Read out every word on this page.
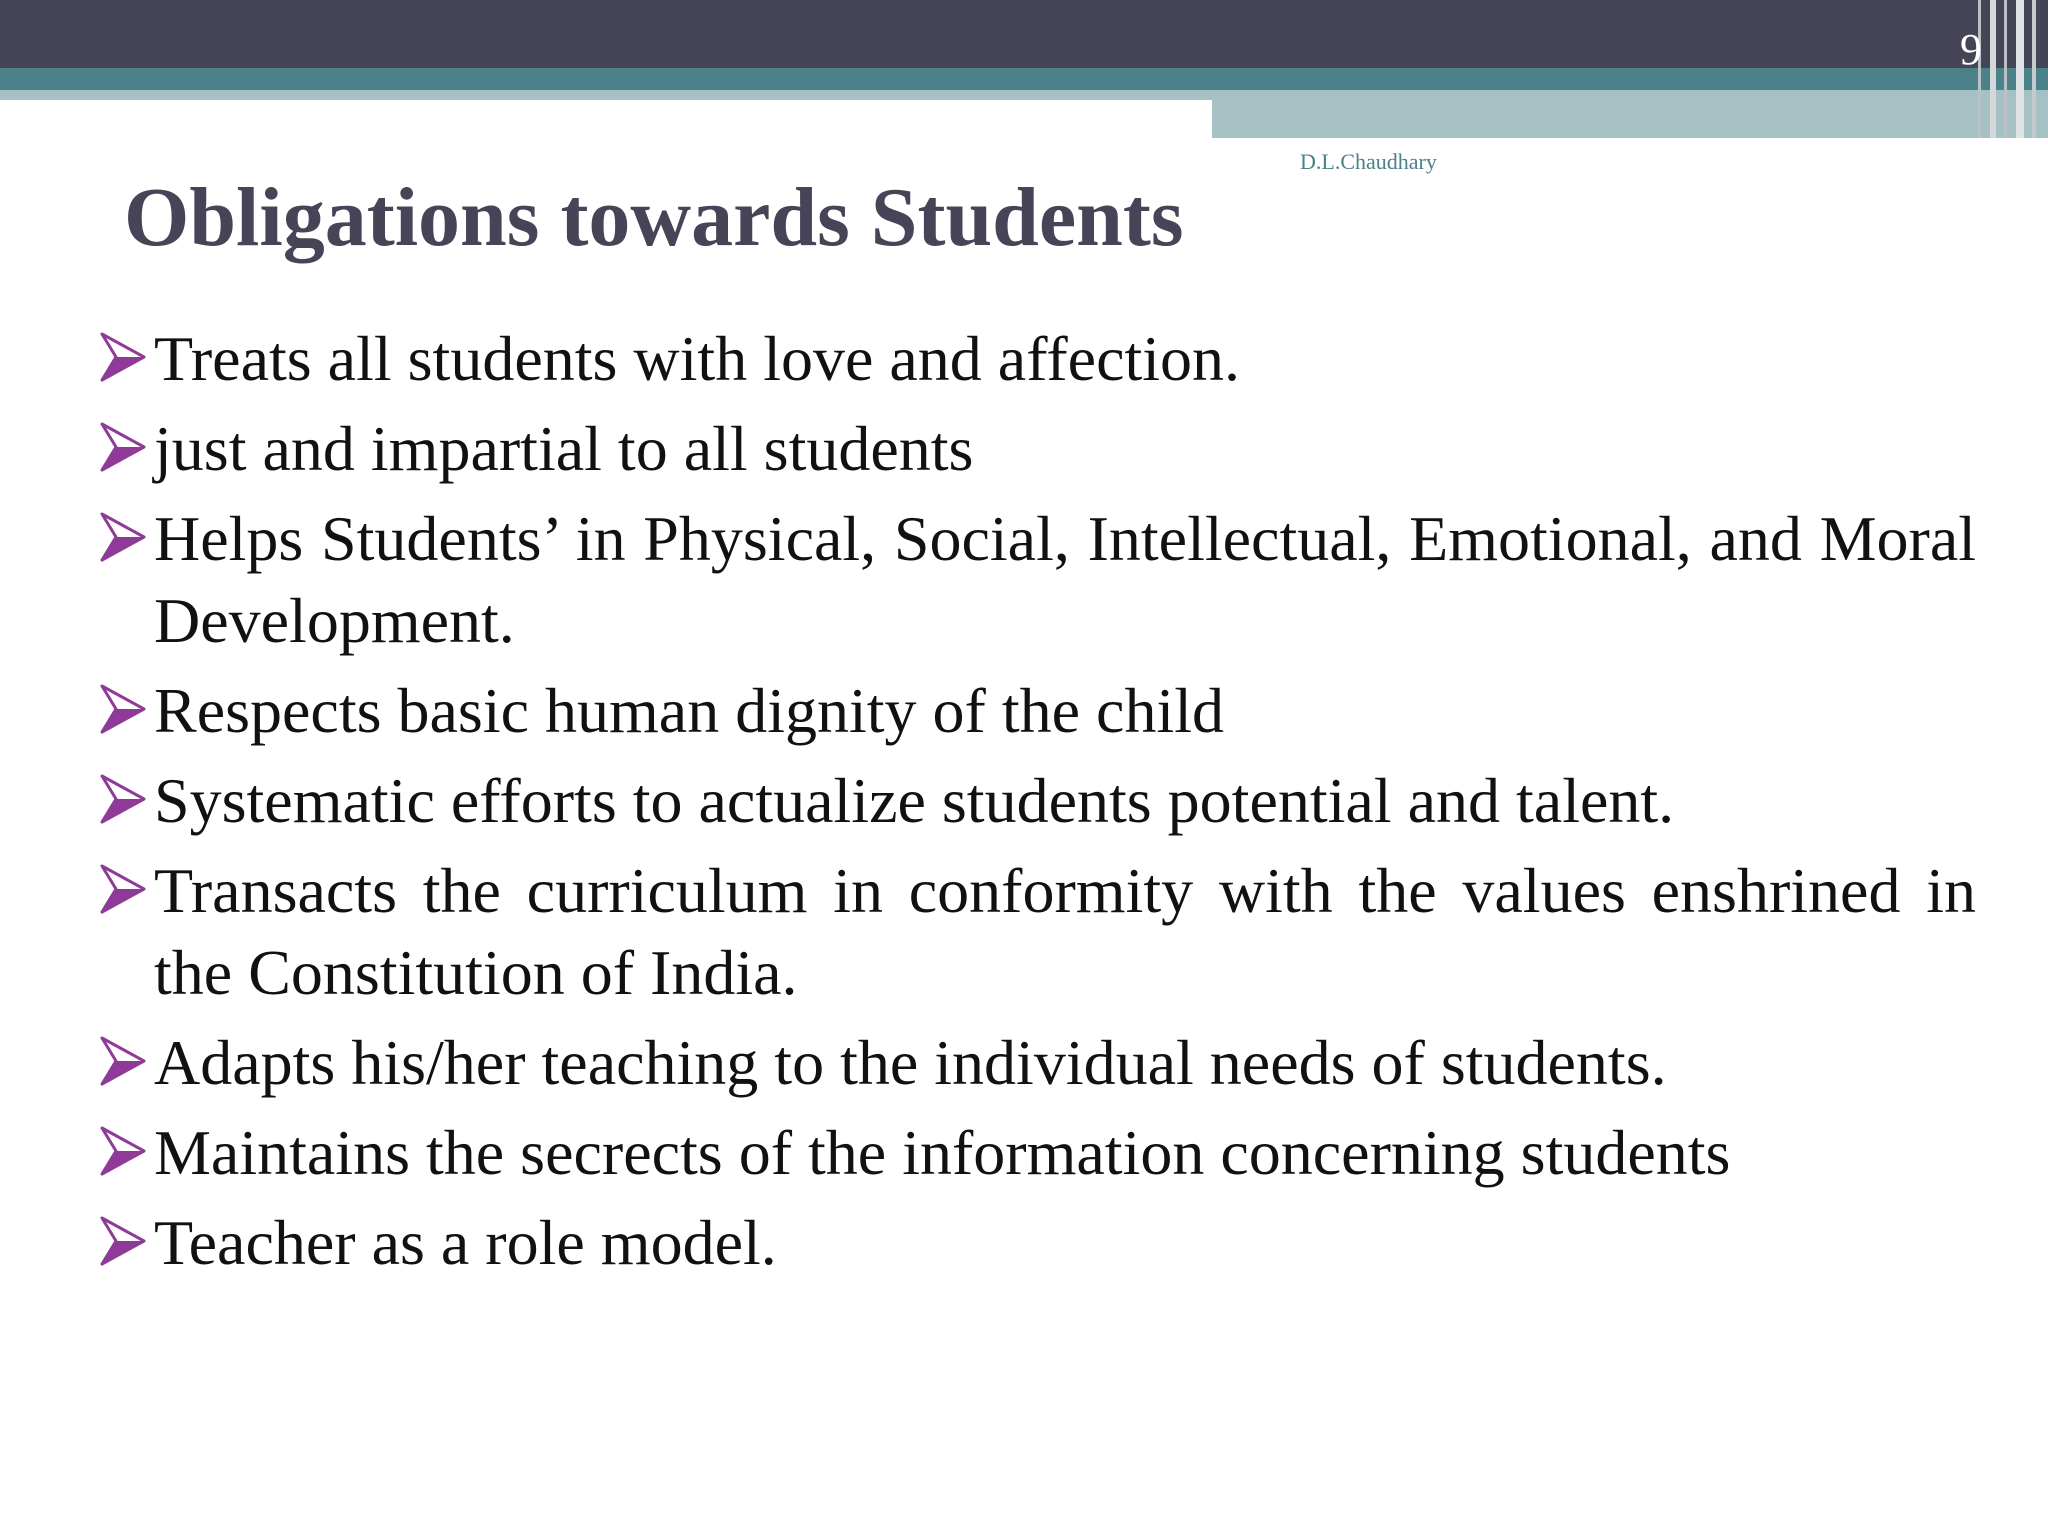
9
D.L.Chaudhary
Obligations towards Students
Treats all students with love and affection.
just and impartial to all students
Helps Students’ in Physical, Social, Intellectual, Emotional, and Moral Development.
Respects basic human dignity of the child
Systematic efforts to actualize students potential and talent.
Transacts the curriculum in conformity with the values enshrined in the Constitution of India.
Adapts his/her teaching to the individual needs of students.
Maintains the secrects of the information concerning students
Teacher as a role model.
